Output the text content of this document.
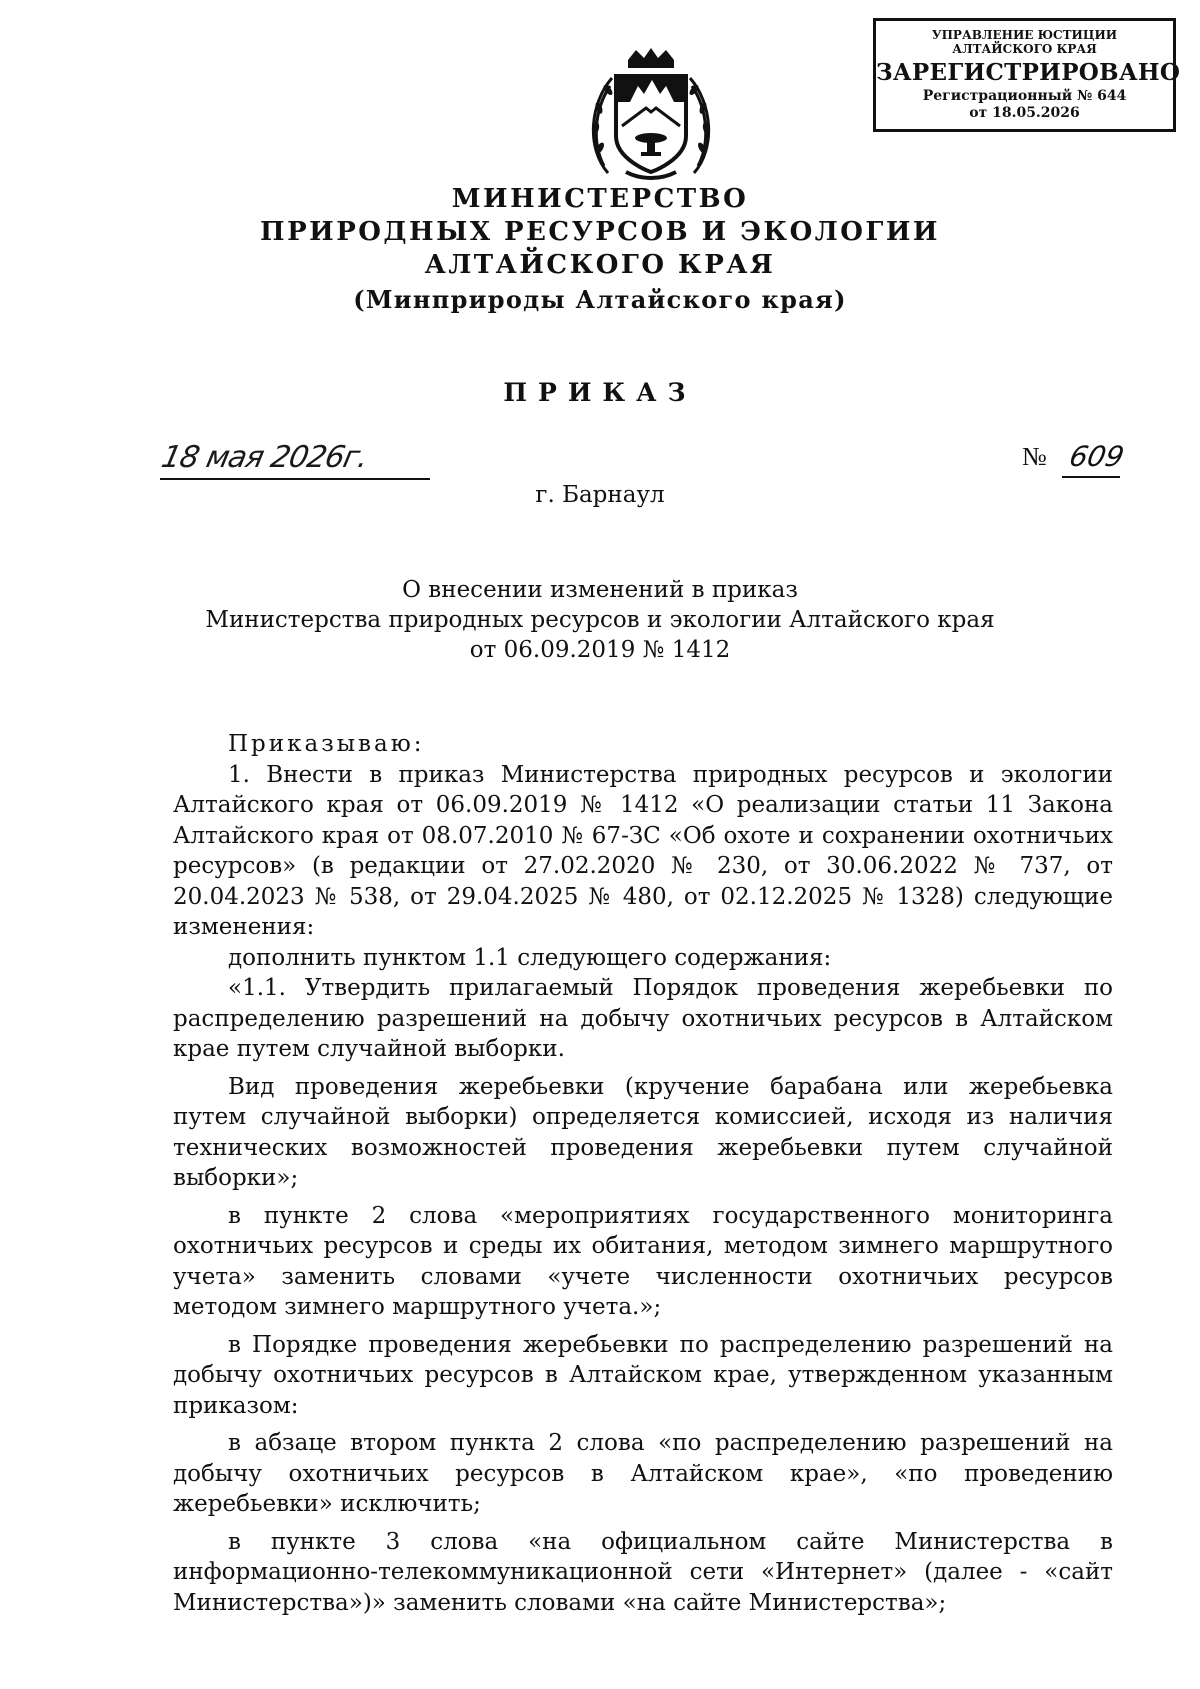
УПРАВЛЕНИЕ ЮСТИЦИИ
АЛТАЙСКОГО КРАЯ
ЗАРЕГИСТРИРОВАНО
Регистрационный № 644
от 18.05.2026
МИНИСТЕРСТВО
ПРИРОДНЫХ РЕСУРСОВ И ЭКОЛОГИИ
АЛТАЙСКОГО КРАЯ
(Минприроды Алтайского края)
ПРИКАЗ
18 мая 2026г.	№ 609
г. Барнаул
О внесении изменений в приказ
Министерства природных ресурсов и экологии Алтайского края
от 06.09.2019 № 1412

Приказываю:

1. Внести в приказ Министерства природных ресурсов и экологии Алтайского края от 06.09.2019 № 1412 «О реализации статьи 11 Закона Алтайского края от 08.07.2010 № 67-ЗС «Об охоте и сохранении охотничьих ресурсов» (в редакции от 27.02.2020 № 230, от 30.06.2022 № 737, от 20.04.2023 № 538, от 29.04.2025 № 480, от 02.12.2025 № 1328) следующие изменения:

дополнить пунктом 1.1 следующего содержания:

«1.1. Утвердить прилагаемый Порядок проведения жеребьевки по распределению разрешений на добычу охотничьих ресурсов в Алтайском крае путем случайной выборки.

Вид проведения жеребьевки (кручение барабана или жеребьевка путем случайной выборки) определяется комиссией, исходя из наличия технических возможностей проведения жеребьевки путем случайной выборки»;

в пункте 2 слова «мероприятиях государственного мониторинга охотничьих ресурсов и среды их обитания, методом зимнего маршрутного учета» заменить словами «учете численности охотничьих ресурсов методом зимнего маршрутного учета.»;

в Порядке проведения жеребьевки по распределению разрешений на добычу охотничьих ресурсов в Алтайском крае, утвержденном указанным приказом:

в абзаце втором пункта 2 слова «по распределению разрешений на добычу охотничьих ресурсов в Алтайском крае», «по проведению жеребьевки» исключить;

в пункте 3 слова «на официальном сайте Министерства в информационно-телекоммуникационной сети «Интернет» (далее - «сайт Министерства»)» заменить словами «на сайте Министерства»;
